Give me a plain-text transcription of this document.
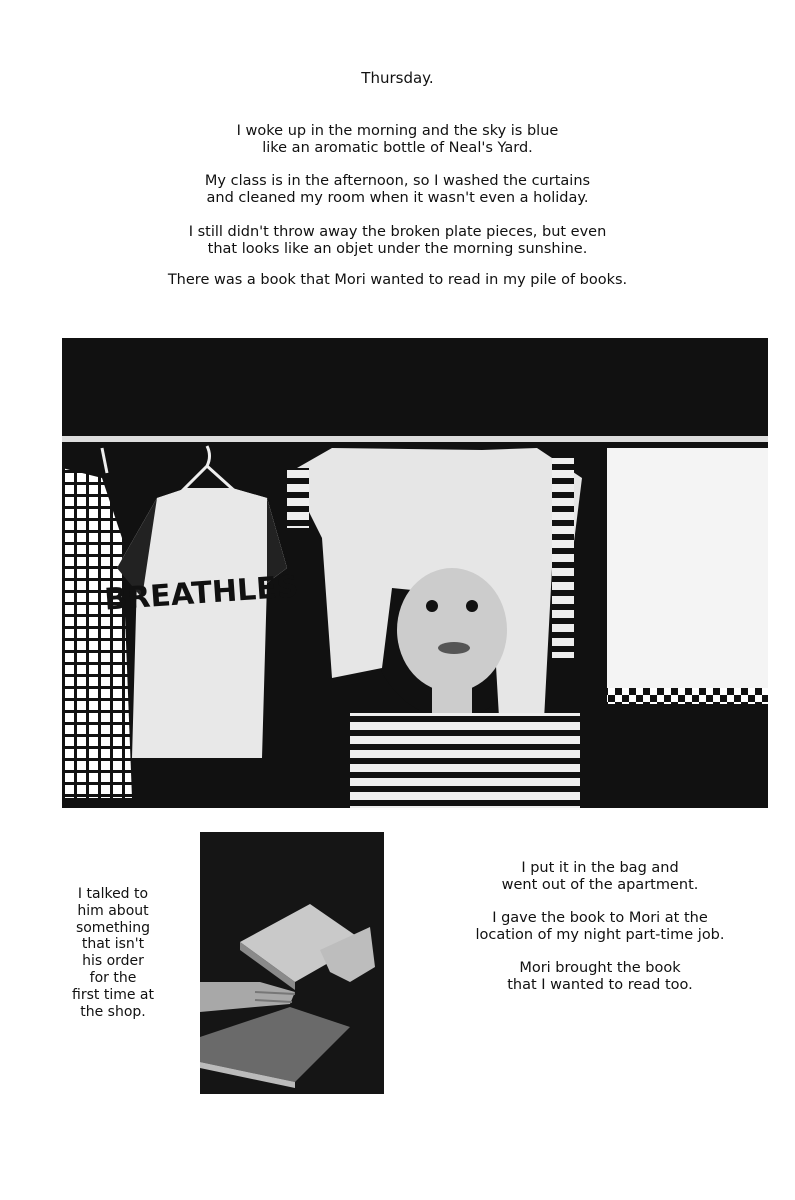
Thursday.

I woke up in the morning and the sky is blue

like an aromatic bottle of Neal's Yard.

My class is in the afternoon, so I washed the curtains

and cleaned my room when it wasn't even a holiday.

I still didn't throw away the broken plate pieces, but even

that looks like an objet under the morning sunshine.

There was a book that Mori wanted to read in my pile of books.

BREATHLES

I talked to

him about

something

that isn't

his order

for the

first time at

the shop.

I put it in the bag and

went out of the apartment.

I gave the book to Mori at the

location of my night part-time job.

Mori brought the book

that I wanted to read too.
